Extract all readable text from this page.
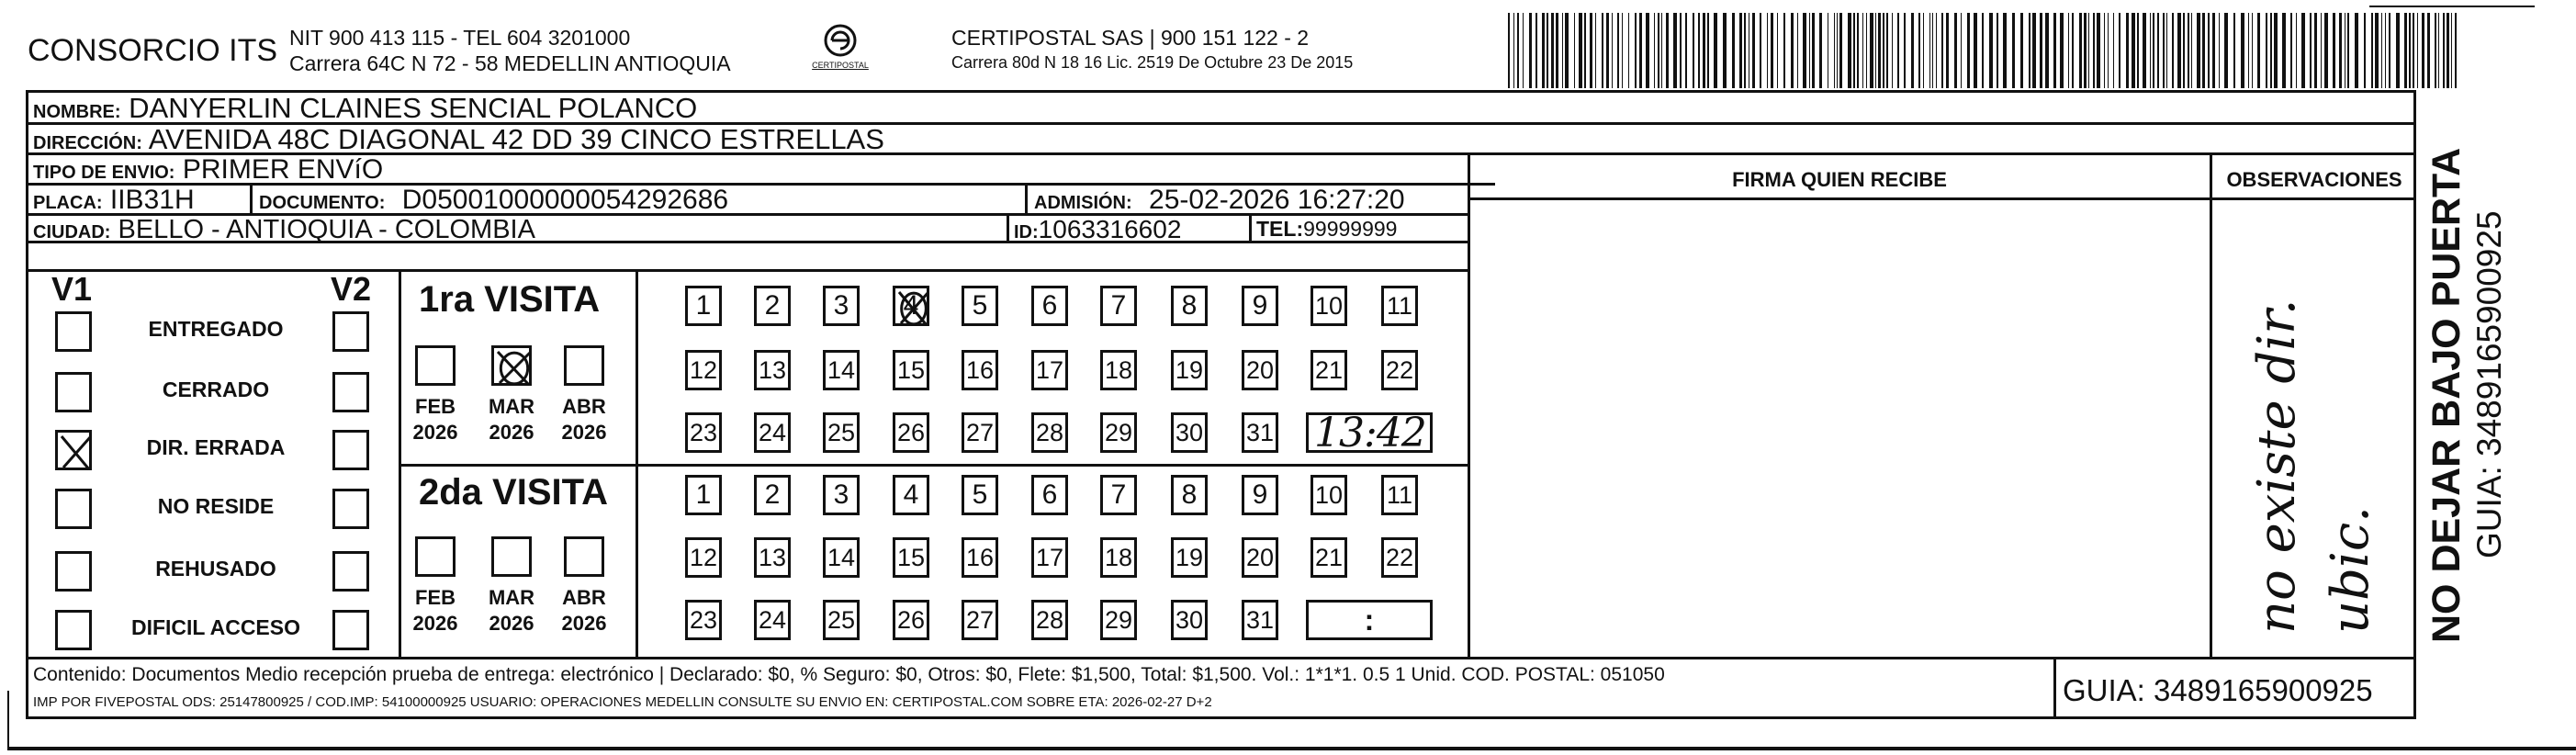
CONSORCIO ITS NIT 900 413 115 - TEL 604 3201000
Carrera 64C N 72 - 58 MEDELLIN ANTIOQUIA	CERTIPOSTAL
CERTIPOSTAL SAS | 900 151 122 - 2
Carrera 80d N 18 16 Lic. 2519 De Octubre 23 De 2015
NOMBRE: DANYERLIN CLAINES SENCIAL POLANCO
DIRECCIÓN: AVENIDA 48C DIAGONAL 42 DD 39 CINCO ESTRELLAS
TIPO DE ENVIO: PRIMER ENVíO	FIRMA QUIEN RECIBE	OBSERVACIONES
PLACA: IIB31H	DOCUMENTO: D05001000000054292686	ADMISIÓN: 25-02-2026 16:27:20
CIUDAD: BELLO - ANTIOQUIA - COLOMBIA	ID:1063316602	TEL:99999999
V1	V2
ENTREGADO
CERRADO
DIR. ERRADA
NO RESIDE
REHUSADO
DIFICIL ACCESO
1ra VISITA
FEB
2026
MAR
2026
ABR
2026
1 2 3 4 5 6 7 8 9	10 11
12 13 14 15 16 17 18 19 20 21 22
23 24 25 26 27 28 29 30 31 13:42
2da VISITA
FEB
2026
MAR
2026
ABR
2026
1 2 3 4 5 6 7 8 9	10 11
12 13 14 15 16 17 18 19 20 21 22
23 24 25 26 27 28 29 30 31	:	no existe dir. ubic. NO DEJAR BAJO PUERTA GUIA: 3489165900925
Contenido: Documentos Medio recepción prueba de entrega: electrónico | Declarado: $0, % Seguro: $0, Otros: $0, Flete: $1,500, Total: $1,500. Vol.: 1*1*1. 0.5 1 Unid. COD. POSTAL: 051050
IMP POR FIVEPOSTAL ODS: 25147800925 / COD.IMP: 54100000925 USUARIO: OPERACIONES MEDELLIN CONSULTE SU ENVIO EN: CERTIPOSTAL.COM SOBRE ETA: 2026-02-27 D+2	GUIA: 3489165900925
